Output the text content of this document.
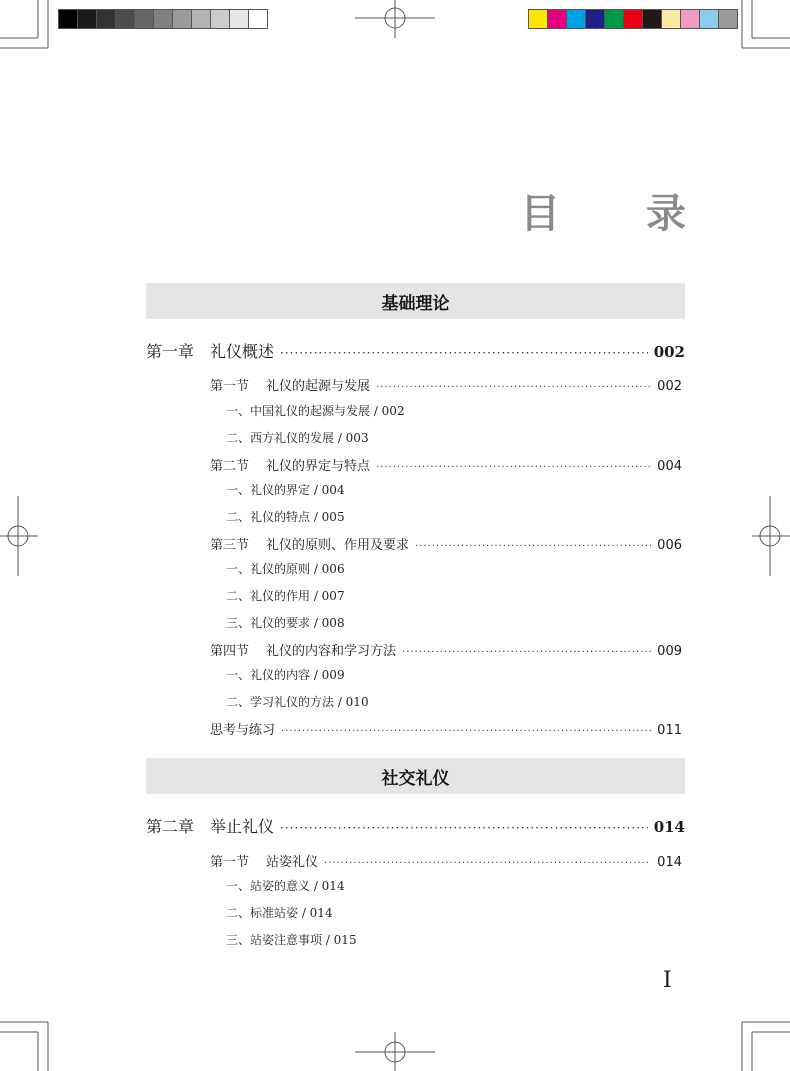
目 录
基础理论
第一章 礼仪概述 ·····	002
第一节	礼仪的起源与发展 ·····	002
一、中国礼仪的起源与发展 / 002
二、西方礼仪的发展 / 003
第二节	礼仪的界定与特点 ·····	004
一、礼仪的界定 / 004
二、礼仪的特点 / 005
第三节	礼仪的原则、作用及要求 ·····	006
一、礼仪的原则 / 006
二、礼仪的作用 / 007
三、礼仪的要求 / 008
第四节	礼仪的内容和学习方法 ·····	009
一、礼仪的内容 / 009
二、学习礼仪的方法 / 010
思考与练习 ·····	011
社交礼仪
第二章 举止礼仪 ·····	014
第一节	站姿礼仪 ·····	014
一、站姿的意义 / 014
二、标准站姿 / 014
三、站姿注意事项 / 015
I
